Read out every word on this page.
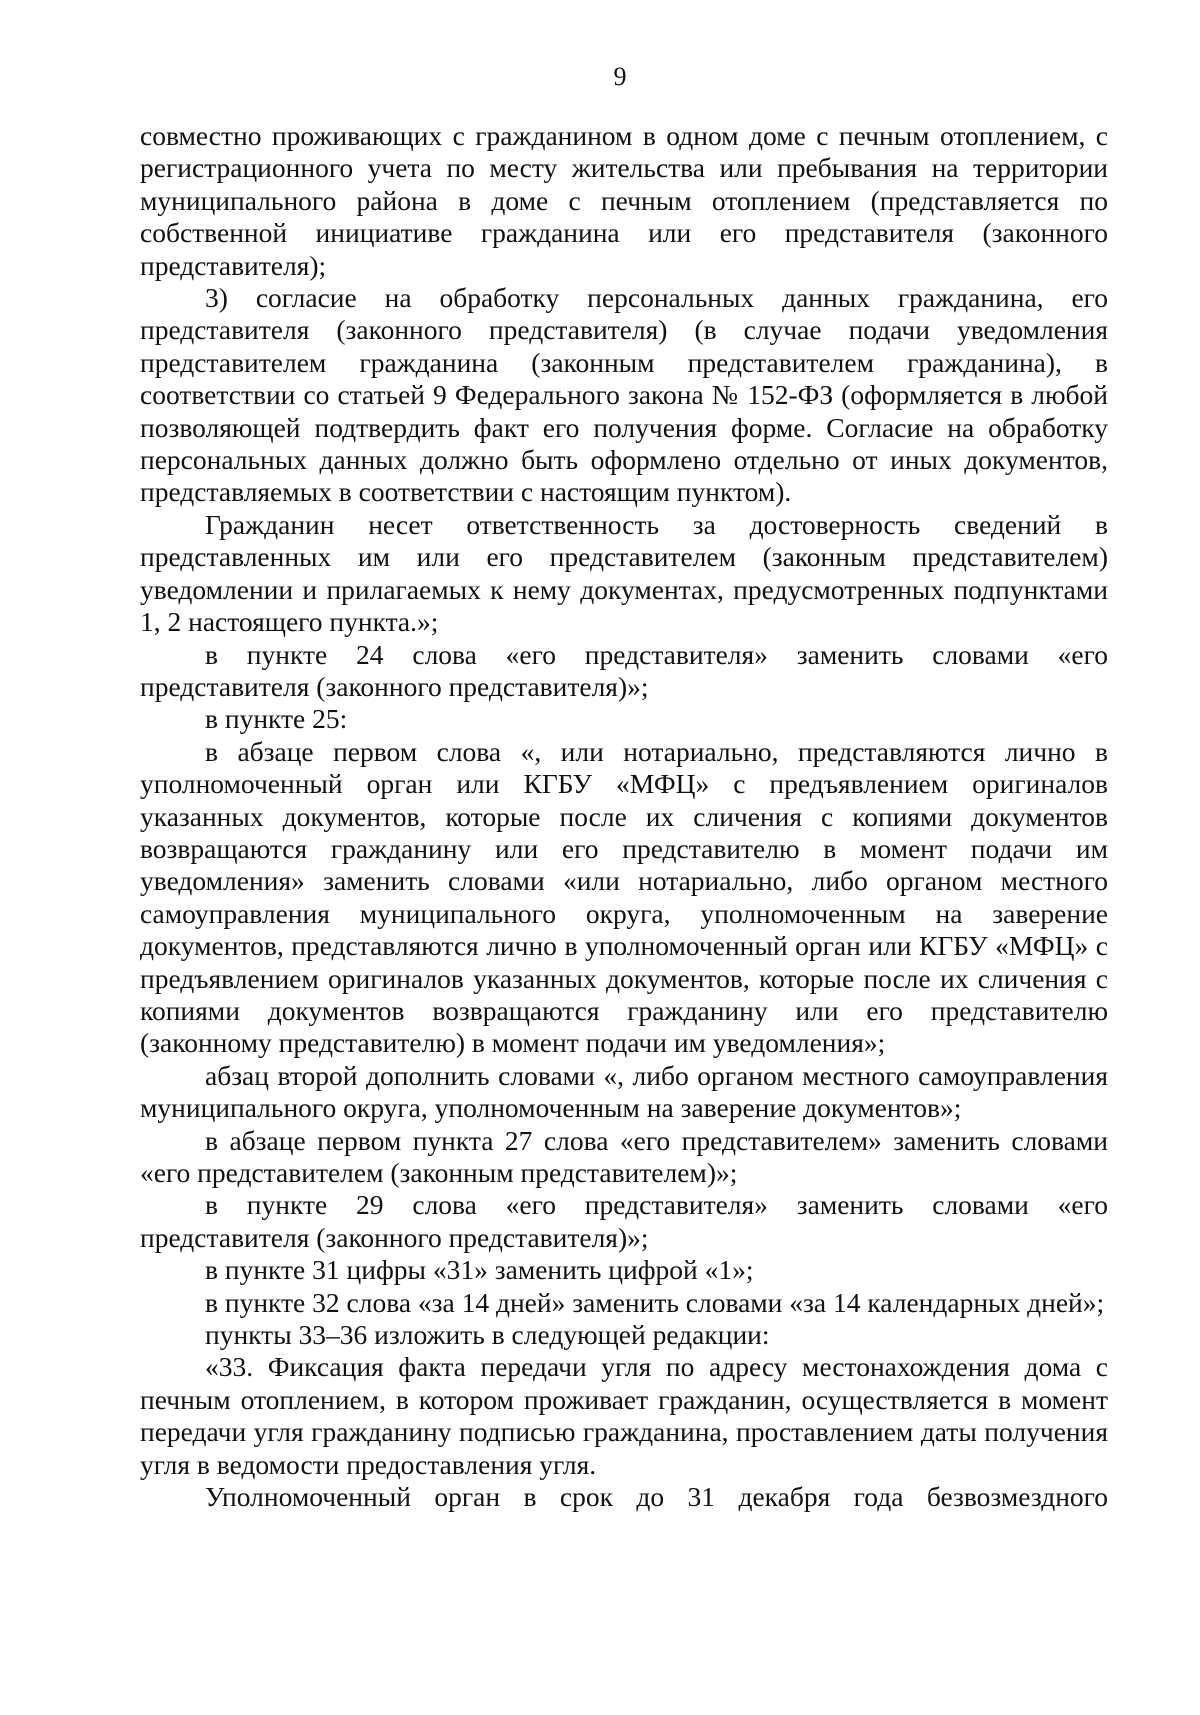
9

совместно проживающих с гражданином в одном доме с печным отоплением, с регистрационного учета по месту жительства или пребывания на территории муниципального района в доме с печным отоплением (представляется по собственной инициативе гражданина или его представителя (законного представителя);

3) согласие на обработку персональных данных гражданина, его представителя (законного представителя) (в случае подачи уведомления представителем гражданина (законным представителем гражданина), в соответствии со статьей 9 Федерального закона № 152-ФЗ (оформляется в любой позволяющей подтвердить факт его получения форме. Согласие на обработку персональных данных должно быть оформлено отдельно от иных документов, представляемых в соответствии с настоящим пунктом).

Гражданин несет ответственность за достоверность сведений в представленных им или его представителем (законным представителем) уведомлении и прилагаемых к нему документах, предусмотренных подпунктами 1, 2 настоящего пункта.»;

в пункте 24 слова «его представителя» заменить словами «его представителя (законного представителя)»;

в пункте 25:

в абзаце первом слова «, или нотариально, представляются лично в уполномоченный орган или КГБУ «МФЦ» с предъявлением оригиналов указанных документов, которые после их сличения с копиями документов возвращаются гражданину или его представителю в момент подачи им уведомления» заменить словами «или нотариально, либо органом местного самоуправления муниципального округа, уполномоченным на заверение документов, представляются лично в уполномоченный орган или КГБУ «МФЦ» с предъявлением оригиналов указанных документов, которые после их сличения с копиями документов возвращаются гражданину или его представителю (законному представителю) в момент подачи им уведомления»;

абзац второй дополнить словами «, либо органом местного самоуправления муниципального округа, уполномоченным на заверение документов»;

в абзаце первом пункта 27 слова «его представителем» заменить словами «его представителем (законным представителем)»;

в пункте 29 слова «его представителя» заменить словами «его представителя (законного представителя)»;

в пункте 31 цифры «31» заменить цифрой «1»;

в пункте 32 слова «за 14 дней» заменить словами «за 14 календарных дней»;

пункты 33–36 изложить в следующей редакции:

«33. Фиксация факта передачи угля по адресу местонахождения дома с печным отоплением, в котором проживает гражданин, осуществляется в момент передачи угля гражданину подписью гражданина, проставлением даты получения угля в ведомости предоставления угля.

Уполномоченный орган в срок до 31 декабря года безвозмездного
